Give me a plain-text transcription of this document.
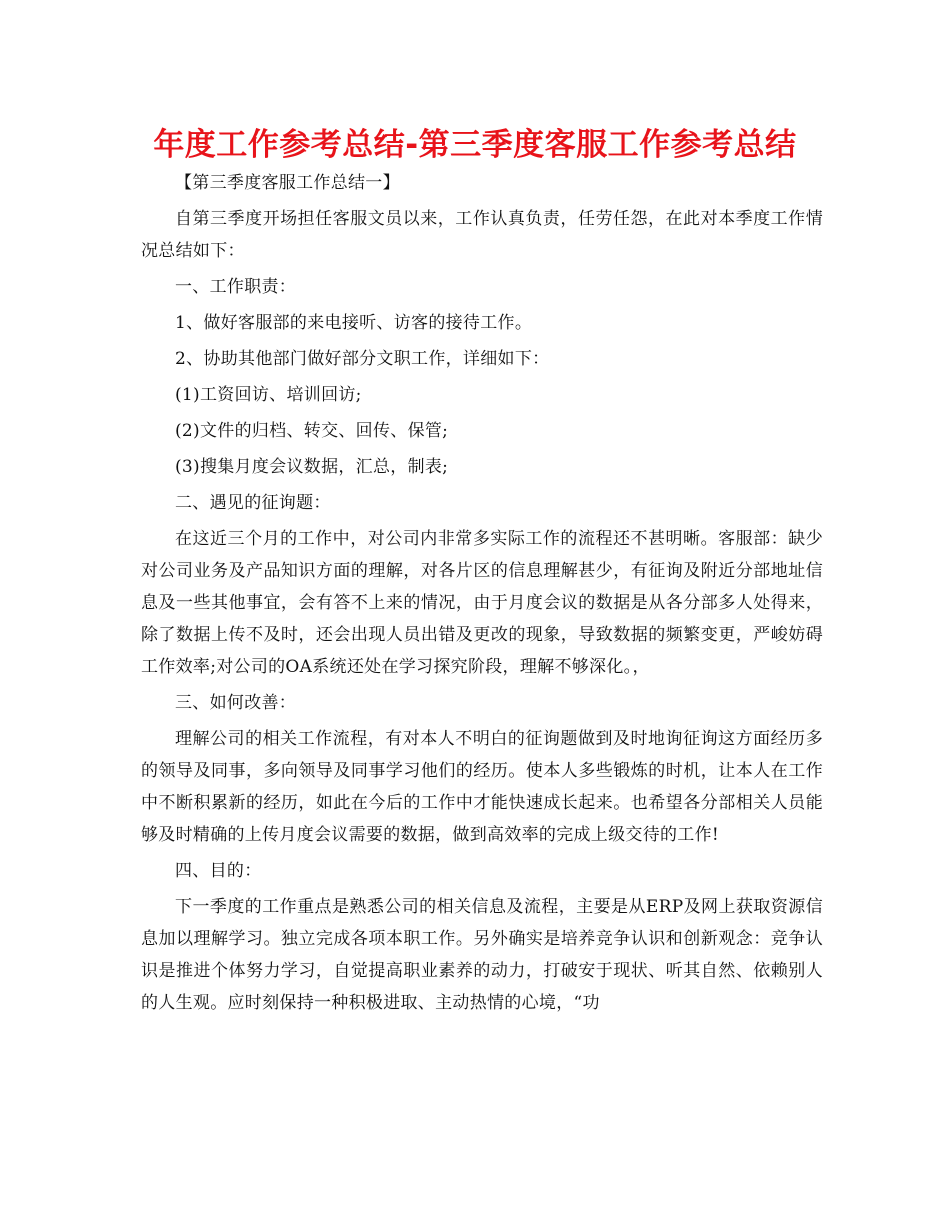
年度工作参考总结-第三季度客服工作参考总结

【第三季度客服工作总结一】

自第三季度开场担任客服文员以来，工作认真负责，任劳任怨，在此对本季度工作情况总结如下：

一、工作职责：

1、做好客服部的来电接听、访客的接待工作。

2、协助其他部门做好部分文职工作，详细如下：

(1)工资回访、培训回访;

(2)文件的归档、转交、回传、保管;

(3)搜集月度会议数据，汇总，制表;

二、遇见的征询题：

在这近三个月的工作中，对公司内非常多实际工作的流程还不甚明晰。客服部：缺少对公司业务及产品知识方面的理解，对各片区的信息理解甚少，有征询及附近分部地址信息及一些其他事宜，会有答不上来的情况，由于月度会议的数据是从各分部多人处得来，除了数据上传不及时，还会出现人员出错及更改的现象，导致数据的频繁变更，严峻妨碍工作效率;对公司的OA系统还处在学习探究阶段，理解不够深化。，

三、如何改善：

理解公司的相关工作流程，有对本人不明白的征询题做到及时地询征询这方面经历多的领导及同事，多向领导及同事学习他们的经历。使本人多些锻炼的时机，让本人在工作中不断积累新的经历，如此在今后的工作中才能快速成长起来。也希望各分部相关人员能够及时精确的上传月度会议需要的数据，做到高效率的完成上级交待的工作!

四、目的：

下一季度的工作重点是熟悉公司的相关信息及流程，主要是从ERP及网上获取资源信息加以理解学习。独立完成各项本职工作。另外确实是培养竞争认识和创新观念：竞争认识是推进个体努力学习，自觉提高职业素养的动力，打破安于现状、听其自然、依赖别人的人生观。应时刻保持一种积极进取、主动热情的心境，“功
